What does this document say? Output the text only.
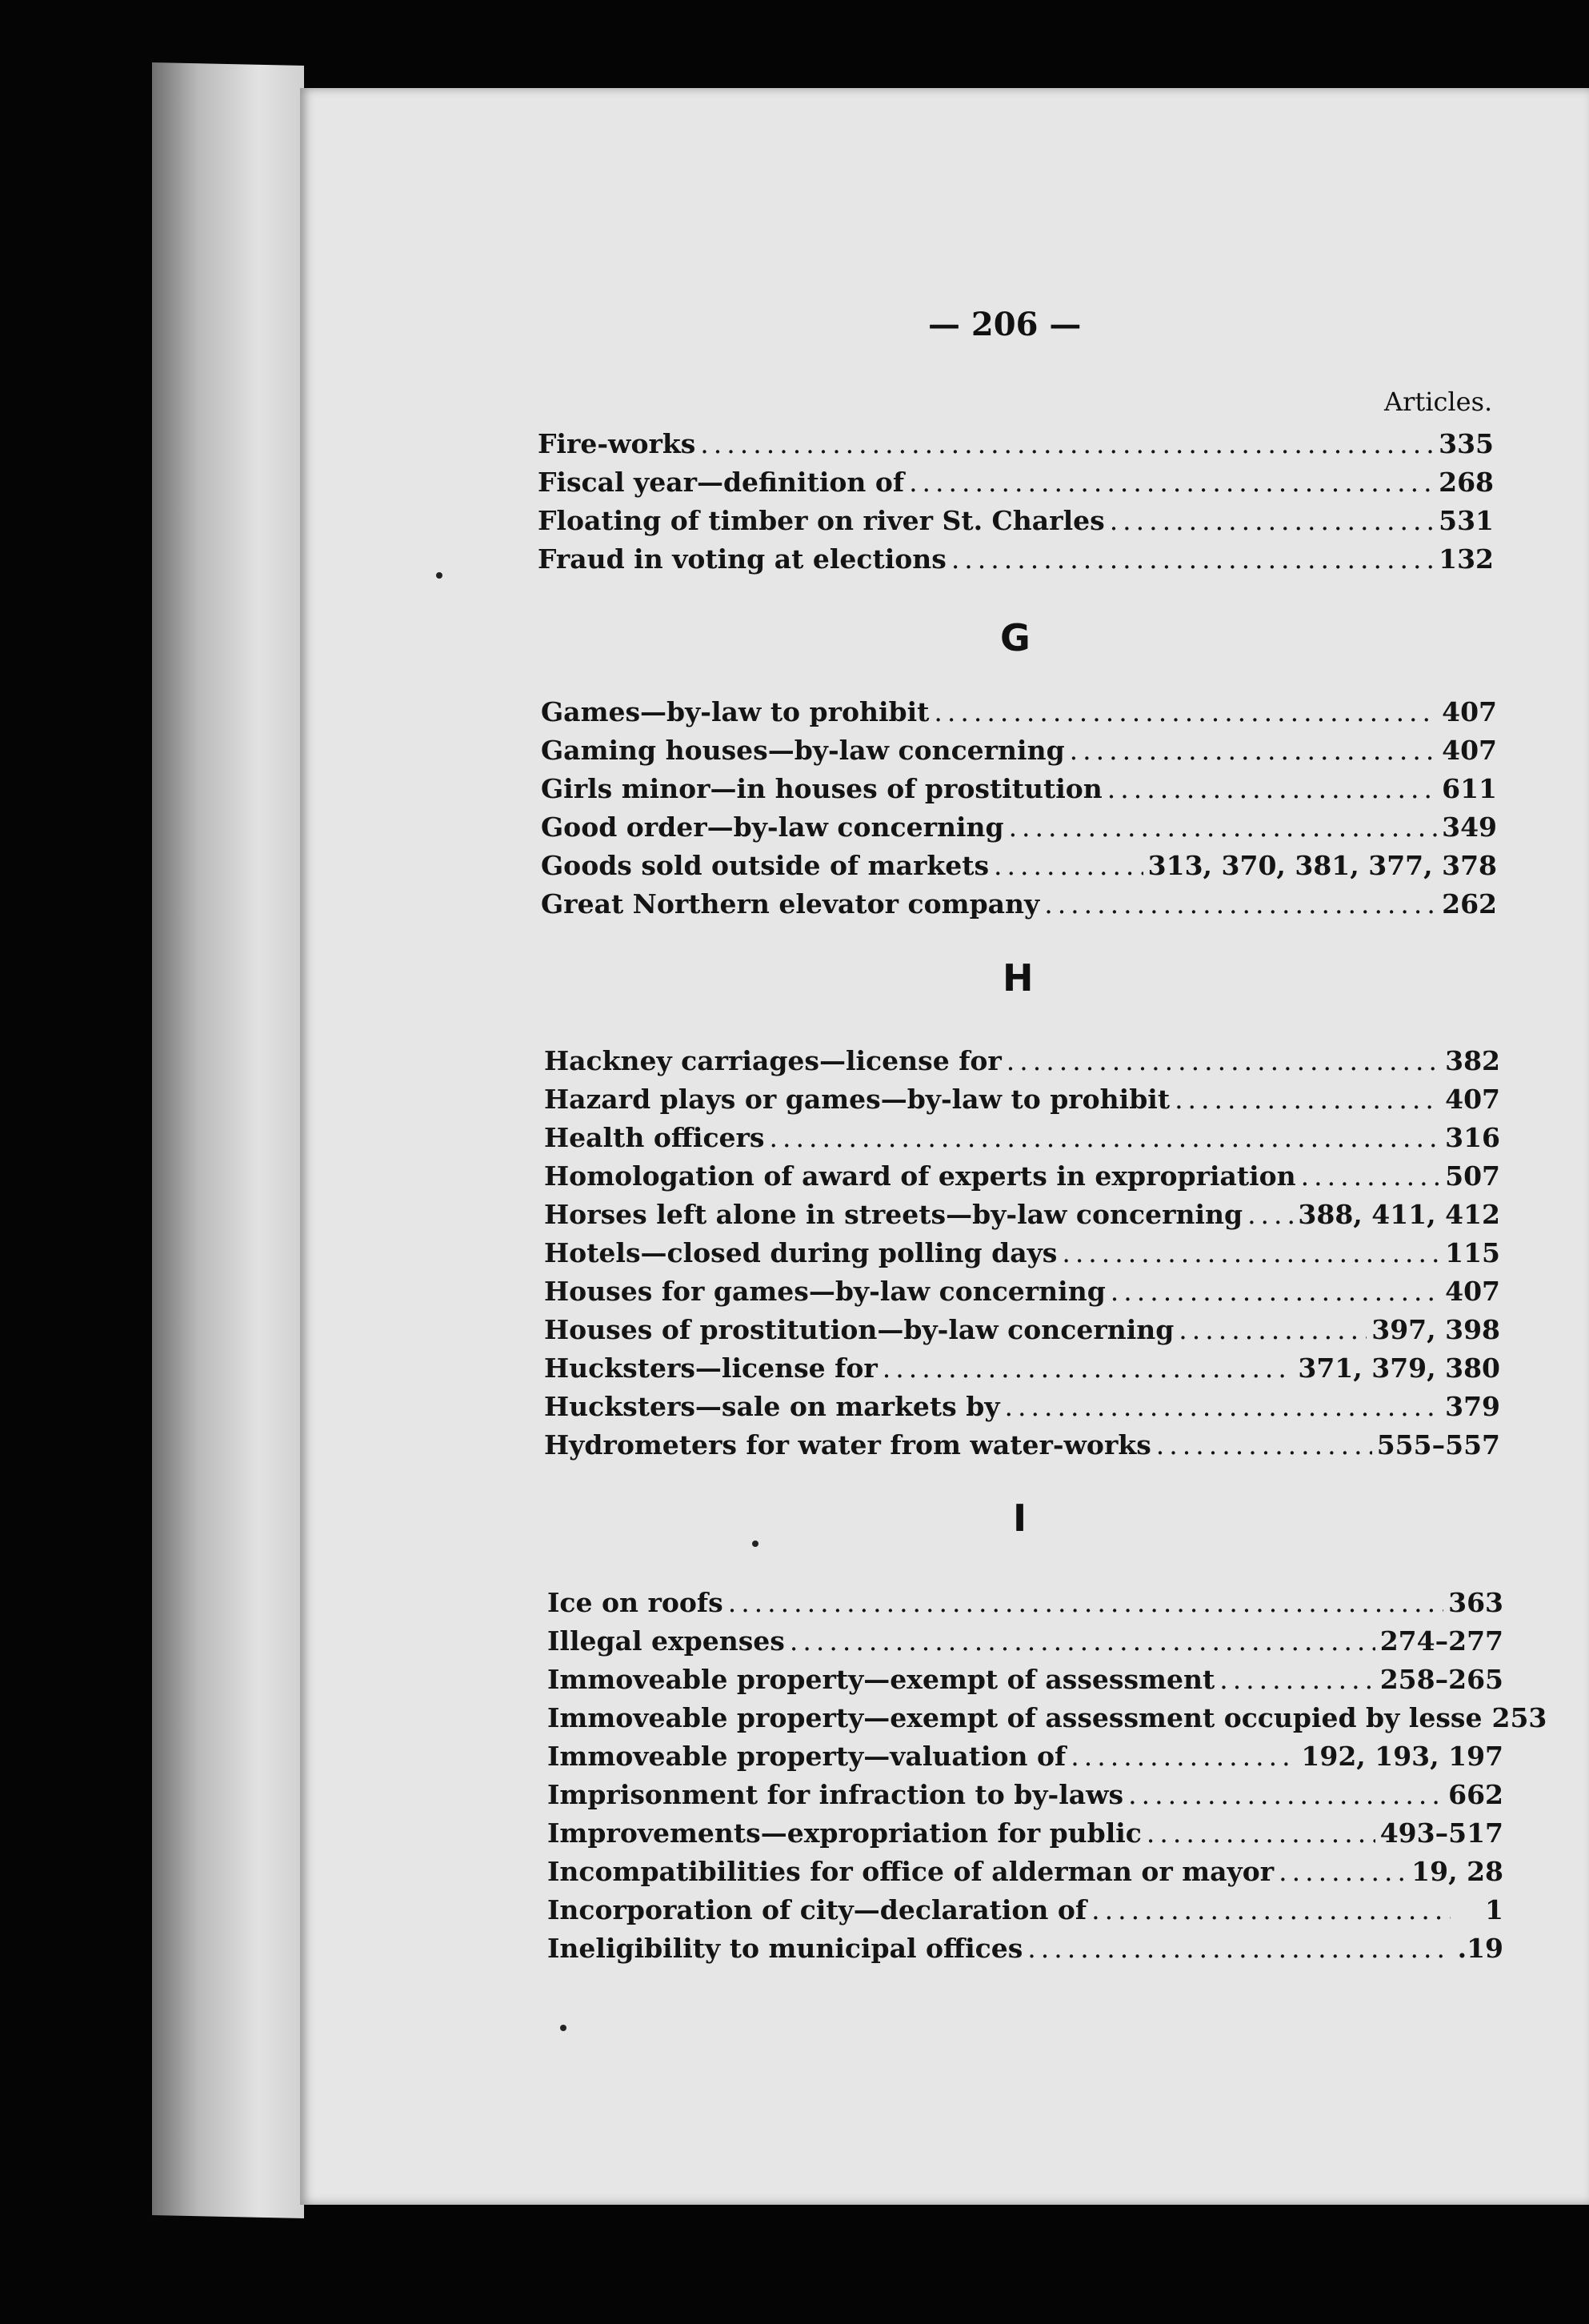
— 206 —
Articles.
Fire-works .....	335
Fiscal year—definition of .....	268
Floating of timber on river St. Charles .....	531
Fraud in voting at elections .....	132
G
Games—by-law to prohibit .....	407
Gaming houses—by-law concerning .....	407
Girls minor—in houses of prostitution .....	611
Good order—by-law concerning .....	349
Goods sold outside of markets .....	313, 370, 381, 377, 378
Great Northern elevator company .....	262
H
Hackney carriages—license for .....	382
Hazard plays or games—by-law to prohibit .....	407
Health officers .....	316
Homologation of award of experts in expropriation .....	507
Horses left alone in streets—by-law concerning ..... 388, 411, 412
Hotels—closed during polling days .....	115
Houses for games—by-law concerning .....	407
Houses of prostitution—by-law concerning .....	397, 398
Hucksters—license for .....	371, 379, 380
Hucksters—sale on markets by .....	379
Hydrometers for water from water-works .....	555–557
I
Ice on roofs .....	363
Illegal expenses .....	274–277
Immoveable property—exempt of assessment .....	258–265
Immoveable property—exempt of assessment occupied by lesse 253
Immoveable property—valuation of .....	192, 193, 197
Imprisonment for infraction to by-laws .....	662
Improvements—expropriation for public .....	493–517
Incompatibilities for office of alderman or mayor .....	19, 28
Incorporation of city—declaration of .....	1
Ineligibility to municipal offices .....	.19
